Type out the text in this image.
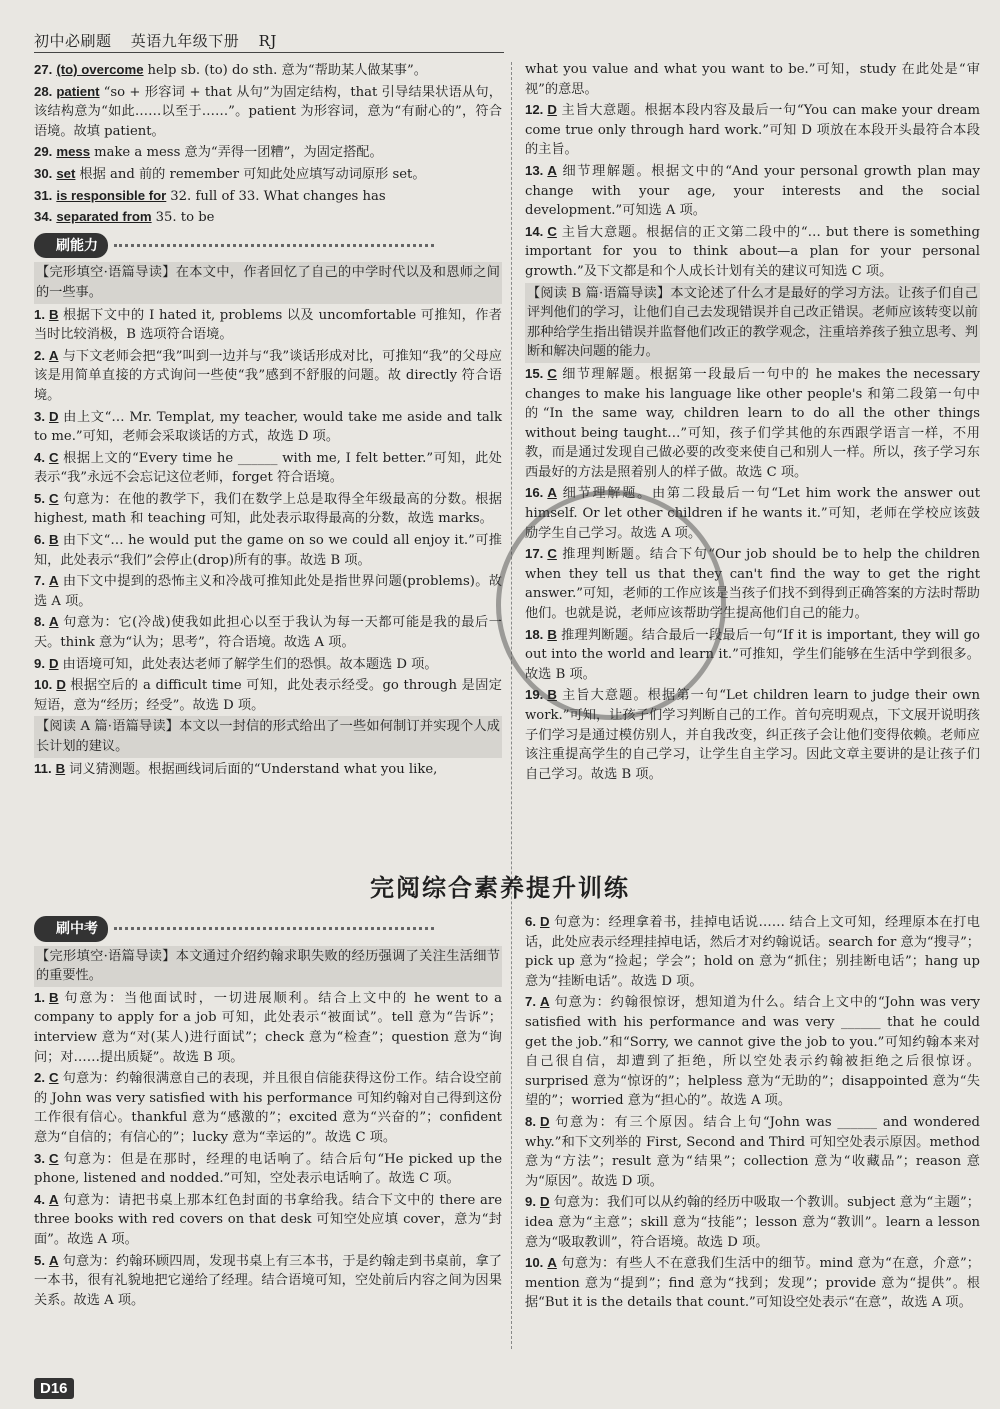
初中必刷题 英语九年级下册 RJ
27. (to) overcome help sb. (to) do sth. 意为“帮助某人做某事”。
28. patient “so + 形容词 + that 从句”为固定结构，that 引导结果状语从句，该结构意为“如此……以至于……”。patient 为形容词，意为“有耐心的”，符合语境。故填 patient。
29. mess make a mess 意为“弄得一团糟”，为固定搭配。
30. set 根据 and 前的 remember 可知此处应填写动词原形 set。
31. is responsible for 32. full of 33. What changes has
34. separated from 35. to be
刷能力
【完形填空·语篇导读】在本文中，作者回忆了自己的中学时代以及和恩师之间的一些事。
1. B 根据下文中的 I hated it, problems 以及 uncomfortable 可推知，作者当时比较消极，B 选项符合语境。
2. A 与下文老师会把“我”叫到一边并与“我”谈话形成对比，可推知“我”的父母应该是用简单直接的方式询问一些使“我”感到不舒服的问题。故 directly 符合语境。
3. D 由上文“… Mr. Templat, my teacher, would take me aside and talk to me.”可知，老师会采取谈话的方式，故选 D 项。
4. C 根据上文的“Every time he ______ with me, I felt better.”可知，此处表示“我”永远不会忘记这位老师，forget 符合语境。
5. C 句意为：在他的教学下，我们在数学上总是取得全年级最高的分数。根据 highest, math 和 teaching 可知，此处表示取得最高的分数，故选 marks。
6. B 由下文“… he would put the game on so we could all enjoy it.”可推知，此处表示“我们”会停止(drop)所有的事。故选 B 项。
7. A 由下文中提到的恐怖主义和冷战可推知此处是指世界问题(problems)。故选 A 项。
8. A 句意为：它(冷战)使我如此担心以至于我认为每一天都可能是我的最后一天。think 意为“认为；思考”，符合语境。故选 A 项。
9. D 由语境可知，此处表达老师了解学生们的恐惧。故本题选 D 项。
10. D 根据空后的 a difficult time 可知，此处表示经受。go through 是固定短语，意为“经历；经受”。故选 D 项。
【阅读 A 篇·语篇导读】本文以一封信的形式给出了一些如何制订并实现个人成长计划的建议。
11. B 词义猜测题。根据画线词后面的“Understand what you like,
what you value and what you want to be.”可知，study 在此处是“审视”的意思。
12. D 主旨大意题。根据本段内容及最后一句“You can make your dream come true only through hard work.”可知 D 项放在本段开头最符合本段的主旨。
13. A 细节理解题。根据文中的“And your personal growth plan may change with your age, your interests and the social development.”可知选 A 项。
14. C 主旨大意题。根据信的正文第二段中的“… but there is something important for you to think about—a plan for your personal growth.”及下文都是和个人成长计划有关的建议可知选 C 项。
【阅读 B 篇·语篇导读】本文论述了什么才是最好的学习方法。让孩子们自己评判他们的学习，让他们自己去发现错误并自己改正错误。老师应该转变以前那种给学生指出错误并监督他们改正的教学观念，注重培养孩子独立思考、判断和解决问题的能力。
15. C 细节理解题。根据第一段最后一句中的 he makes the necessary changes to make his language like other people's 和第二段第一句中的“In the same way, children learn to do all the other things without being taught…”可知，孩子们学其他的东西跟学语言一样，不用教，而是通过发现自己做必要的改变来使自己和别人一样。所以，孩子学习东西最好的方法是照着别人的样子做。故选 C 项。
16. A 细节理解题。由第二段最后一句“Let him work the answer out himself. Or let other children if he wants it.”可知，老师在学校应该鼓励学生自己学习。故选 A 项。
17. C 推理判断题。结合下句“Our job should be to help the children when they tell us that they can't find the way to get the right answer.”可知，老师的工作应该是当孩子们找不到得到正确答案的方法时帮助他们。也就是说，老师应该帮助学生提高他们自己的能力。
18. B 推理判断题。结合最后一段最后一句“If it is important, they will go out into the world and learn it.”可推知，学生们能够在生活中学到很多。故选 B 项。
19. B 主旨大意题。根据第一句“Let children learn to judge their own work.”可知，让孩子们学习判断自己的工作。首句亮明观点，下文展开说明孩子们学习是通过模仿别人，并自我改变，纠正孩子会让他们变得依赖。老师应该注重提高学生的自己学习，让学生自主学习。因此文章主要讲的是让孩子们自己学习。故选 B 项。
完阅综合素养提升训练
刷中考
【完形填空·语篇导读】本文通过介绍约翰求职失败的经历强调了关注生活细节的重要性。
1. B 句意为：当他面试时，一切进展顺利。结合上文中的 he went to a company to apply for a job 可知，此处表示“被面试”。tell 意为“告诉”；interview 意为“对(某人)进行面试”；check 意为“检查”；question 意为“询问；对……提出质疑”。故选 B 项。
2. C 句意为：约翰很满意自己的表现，并且很自信能获得这份工作。结合设空前的 John was very satisfied with his performance 可知约翰对自己得到这份工作很有信心。thankful 意为“感激的”；excited 意为“兴奋的”；confident 意为“自信的；有信心的”；lucky 意为“幸运的”。故选 C 项。
3. C 句意为：但是在那时，经理的电话响了。结合后句“He picked up the phone, listened and nodded.”可知，空处表示电话响了。故选 C 项。
4. A 句意为：请把书桌上那本红色封面的书拿给我。结合下文中的 there are three books with red covers on that desk 可知空处应填 cover，意为“封面”。故选 A 项。
5. A 句意为：约翰环顾四周，发现书桌上有三本书，于是约翰走到书桌前，拿了一本书，很有礼貌地把它递给了经理。结合语境可知，空处前后内容之间为因果关系。故选 A 项。
6. D 句意为：经理拿着书，挂掉电话说…… 结合上文可知，经理原本在打电话，此处应表示经理挂掉电话，然后才对约翰说话。search for 意为“搜寻”；pick up 意为“捡起；学会”；hold on 意为“抓住；别挂断电话”；hang up 意为“挂断电话”。故选 D 项。
7. A 句意为：约翰很惊讶，想知道为什么。结合上文中的“John was very satisfied with his performance and was very ______ that he could get the job.”和“Sorry, we cannot give the job to you.”可知约翰本来对自己很自信，却遭到了拒绝，所以空处表示约翰被拒绝之后很惊讶。surprised 意为“惊讶的”；helpless 意为“无助的”；disappointed 意为“失望的”；worried 意为“担心的”。故选 A 项。
8. D 句意为：有三个原因。结合上句“John was ______ and wondered why.”和下文列举的 First, Second and Third 可知空处表示原因。method 意为“方法”；result 意为“结果”；collection 意为“收藏品”；reason 意为“原因”。故选 D 项。
9. D 句意为：我们可以从约翰的经历中吸取一个教训。subject 意为“主题”；idea 意为“主意”；skill 意为“技能”；lesson 意为“教训”。learn a lesson 意为“吸取教训”，符合语境。故选 D 项。
10. A 句意为：有些人不在意我们生活中的细节。mind 意为“在意，介意”；mention 意为“提到”；find 意为“找到；发现”；provide 意为“提供”。根据“But it is the details that count.”可知设空处表示“在意”，故选 A 项。
D16
